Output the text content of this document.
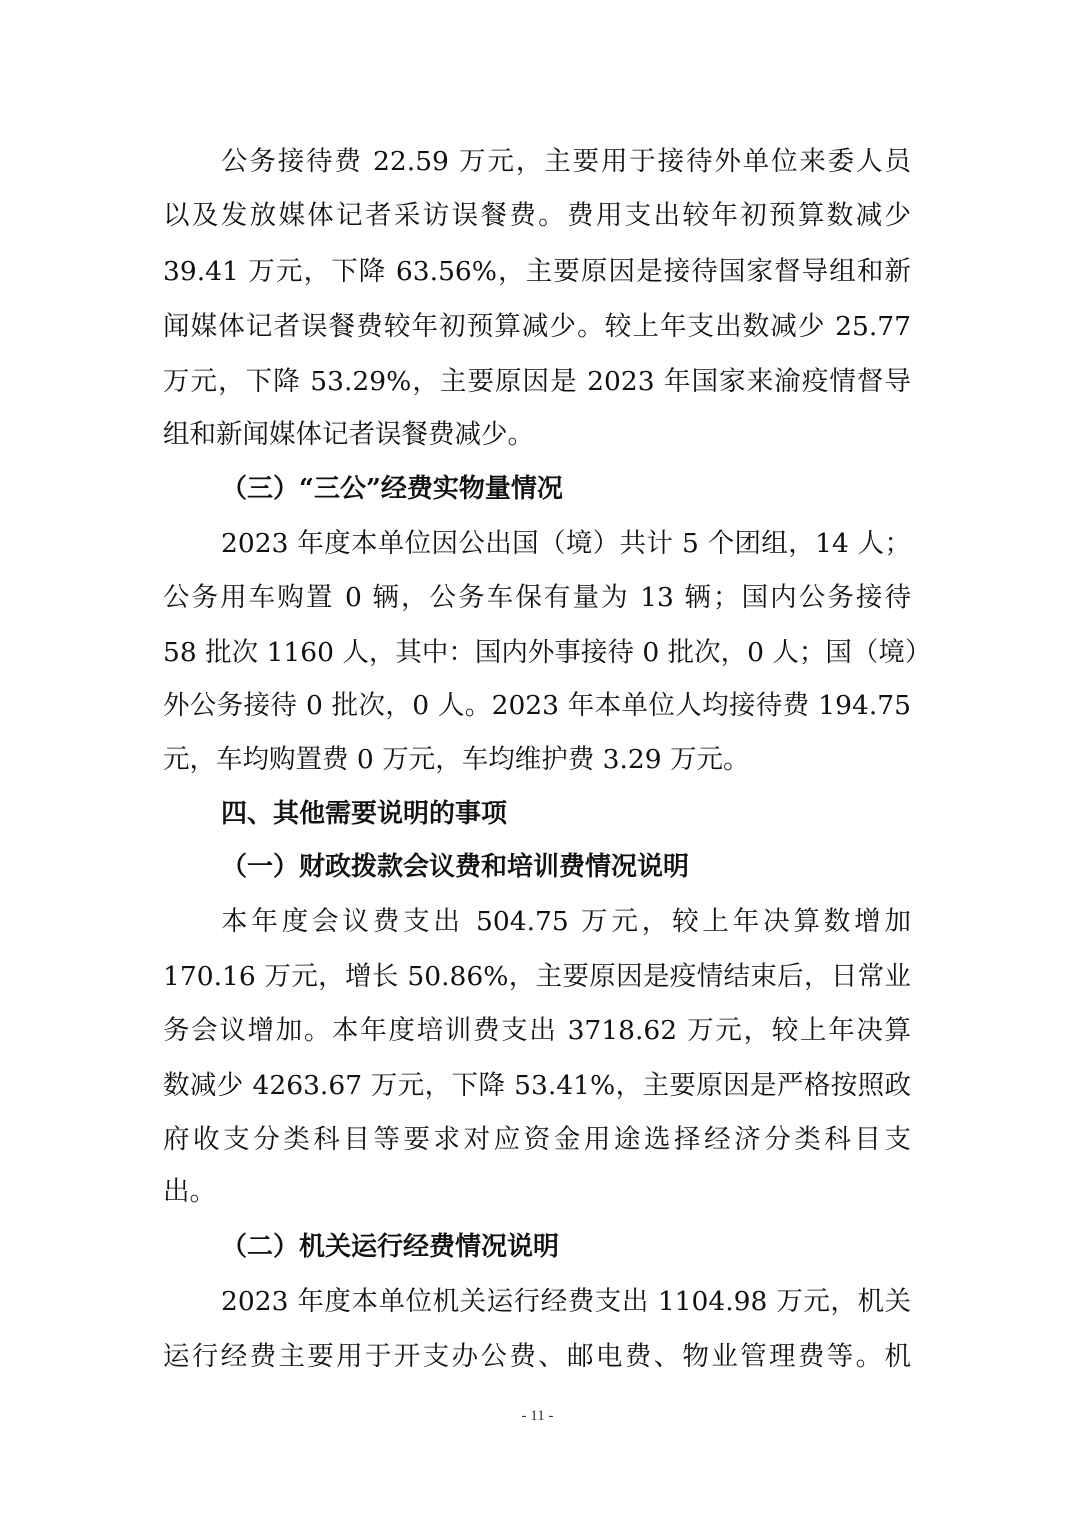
公务接待费 22.59 万元，主要用于接待外单位来委人员
以及发放媒体记者采访误餐费。费用支出较年初预算数减少
39.41 万元，下降 63.56%，主要原因是接待国家督导组和新
闻媒体记者误餐费较年初预算减少。较上年支出数减少 25.77
万元，下降 53.29%，主要原因是 2023 年国家来渝疫情督导
组和新闻媒体记者误餐费减少。
（三）“三公”经费实物量情况
2023 年度本单位因公出国（境）共计 5 个团组，14 人；
公务用车购置 0 辆，公务车保有量为 13 辆；国内公务接待
58 批次 1160 人，其中：国内外事接待 0 批次，0 人；国（境）
外公务接待 0 批次，0 人。2023 年本单位人均接待费 194.75
元，车均购置费 0 万元，车均维护费 3.29 万元。
四、其他需要说明的事项
（一）财政拨款会议费和培训费情况说明
本年度会议费支出 504.75 万元，较上年决算数增加
170.16 万元，增长 50.86%，主要原因是疫情结束后，日常业
务会议增加。本年度培训费支出 3718.62 万元，较上年决算
数减少 4263.67 万元，下降 53.41%，主要原因是严格按照政
府收支分类科目等要求对应资金用途选择经济分类科目支
出。
（二）机关运行经费情况说明
2023 年度本单位机关运行经费支出 1104.98 万元，机关
运行经费主要用于开支办公费、邮电费、物业管理费等。机
- 11 -
